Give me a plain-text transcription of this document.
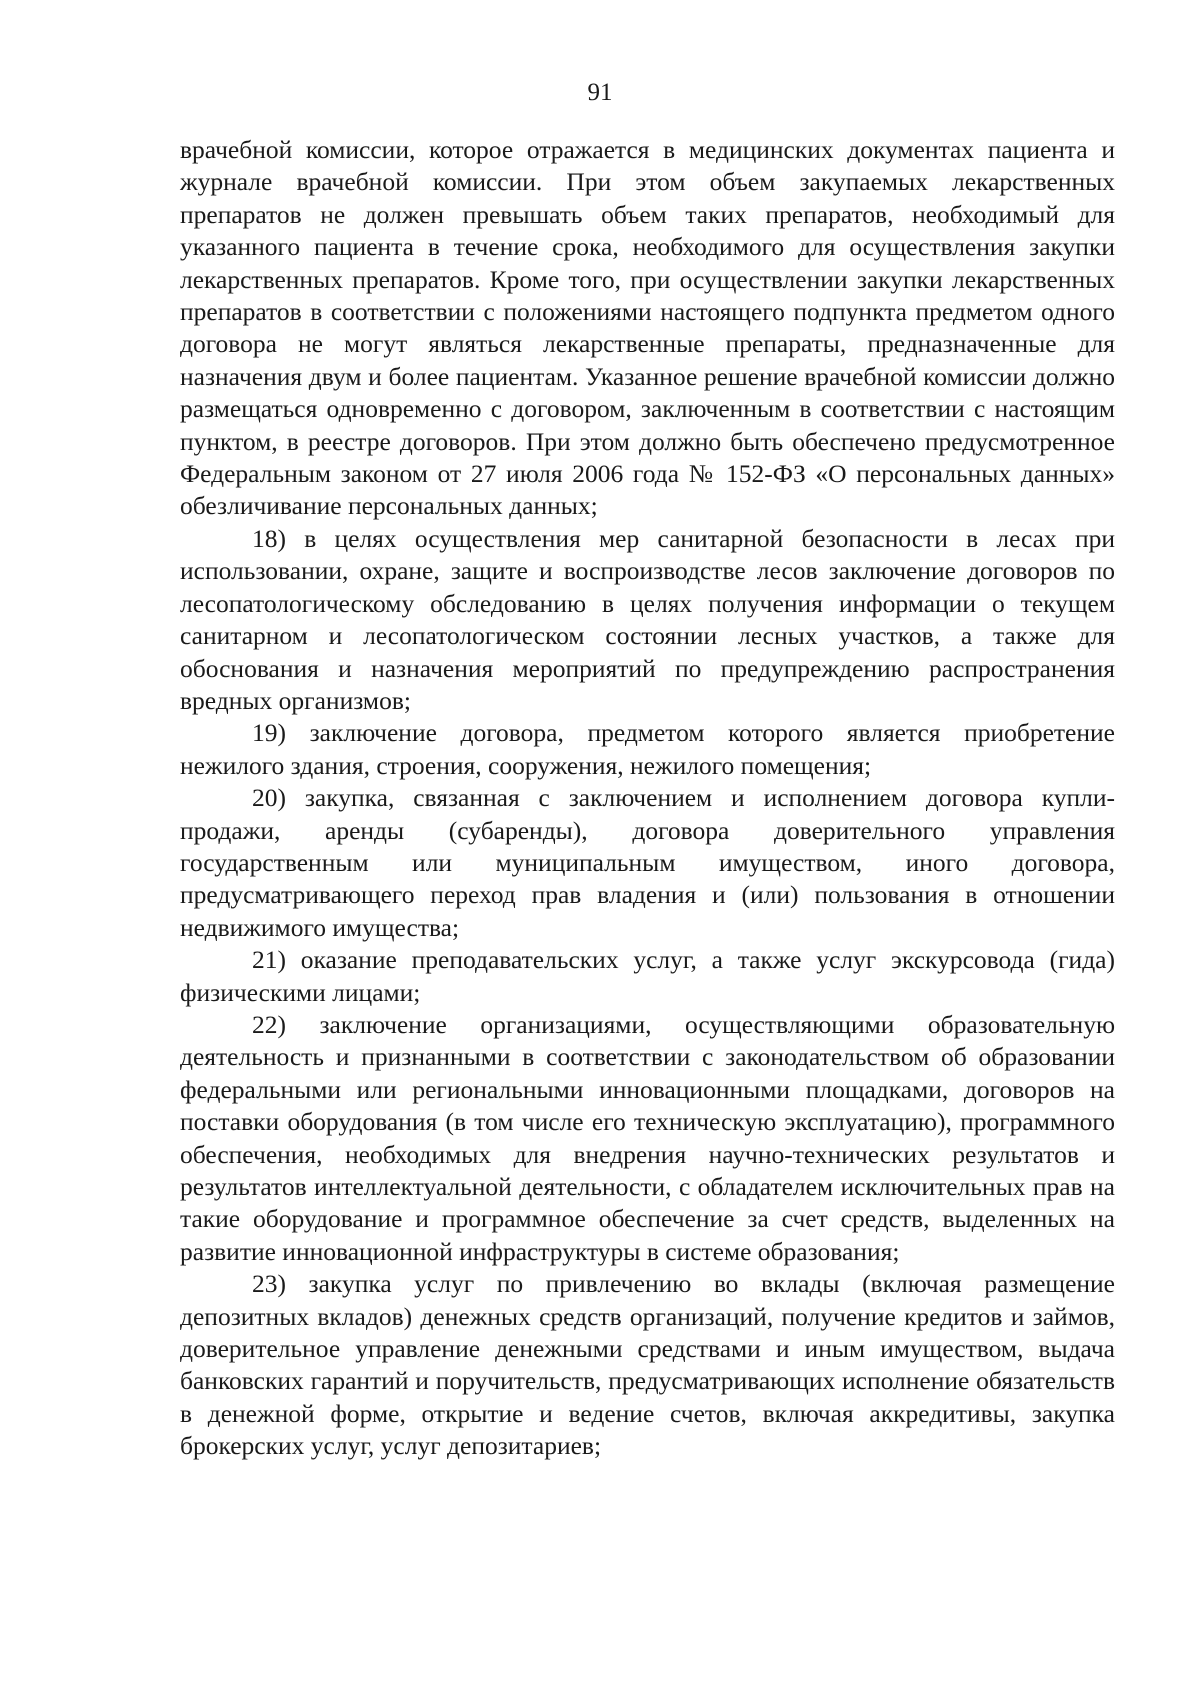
91

врачебной комиссии, которое отражается в медицинских документах пациента и журнале врачебной комиссии. При этом объем закупаемых лекарственных препаратов не должен превышать объем таких препаратов, необходимый для указанного пациента в течение срока, необходимого для осуществления закупки лекарственных препаратов. Кроме того, при осуществлении закупки лекарственных препаратов в соответствии с положениями настоящего подпункта предметом одного договора не могут являться лекарственные препараты, предназначенные для назначения двум и более пациентам. Указанное решение врачебной комиссии должно размещаться одновременно с договором, заключенным в соответствии с настоящим пунктом, в реестре договоров. При этом должно быть обеспечено предусмотренное Федеральным законом от 27 июля 2006 года № 152-ФЗ «О персональных данных» обезличивание персональных данных;

18) в целях осуществления мер санитарной безопасности в лесах при использовании, охране, защите и воспроизводстве лесов заключение договоров по лесопатологическому обследованию в целях получения информации о текущем санитарном и лесопатологическом состоянии лесных участков, а также для обоснования и назначения мероприятий по предупреждению распространения вредных организмов;

19) заключение договора, предметом которого является приобретение нежилого здания, строения, сооружения, нежилого помещения;

20) закупка, связанная с заключением и исполнением договора купли- продажи, аренды (субаренды), договора доверительного управления государственным или муниципальным имуществом, иного договора, предусматривающего переход прав владения и (или) пользования в отношении недвижимого имущества;

21) оказание преподавательских услуг, а также услуг экскурсовода (гида) физическими лицами;

22) заключение организациями, осуществляющими образовательную деятельность и признанными в соответствии с законодательством об образовании федеральными или региональными инновационными площадками, договоров на поставки оборудования (в том числе его техническую эксплуатацию), программного обеспечения, необходимых для внедрения научно-технических результатов и результатов интеллектуальной деятельности, с обладателем исключительных прав на такие оборудование и программное обеспечение за счет средств, выделенных на развитие инновационной инфраструктуры в системе образования;

23) закупка услуг по привлечению во вклады (включая размещение депозитных вкладов) денежных средств организаций, получение кредитов и займов, доверительное управление денежными средствами и иным имуществом, выдача банковских гарантий и поручительств, предусматривающих исполнение обязательств в денежной форме, открытие и ведение счетов, включая аккредитивы, закупка брокерских услуг, услуг депозитариев;
